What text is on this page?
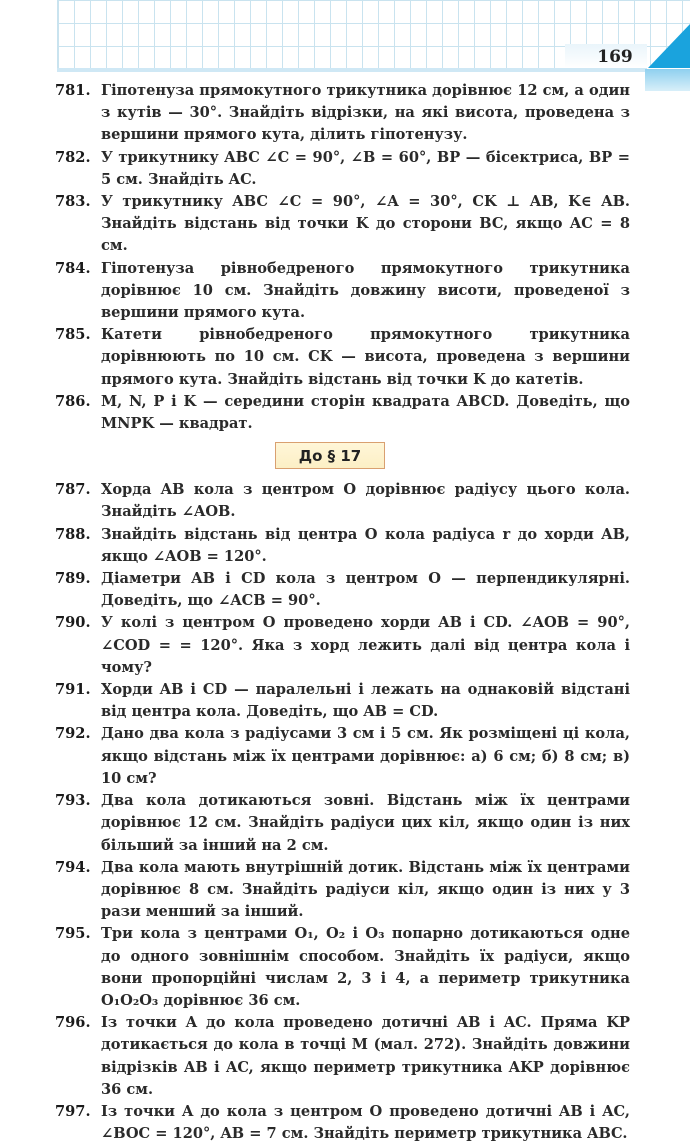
169
781. Гіпотенуза прямокутного трикутника дорівнює 12 см, а один з кутів — 30°. Знайдіть відрізки, на які висота, проведена з вершини прямого кута, ділить гіпотенузу.
782. У трикутнику ABC ∠C = 90°, ∠B = 60°, BP — бісектриса, BP = 5 см. Знайдіть AC.
783. У трикутнику ABC ∠C = 90°, ∠A = 30°, CK ⊥ AB, K∈ AB. Знайдіть відстань від точки K до сторони BC, якщо AC = 8 см.
784. Гіпотенуза рівнобедреного прямокутного трикутника дорівнює 10 см. Знайдіть довжину висоти, проведеної з вершини прямого кута.
785. Катети рівнобедреного прямокутного трикутника дорівнюють по 10 см. CK — висота, проведена з вершини прямого кута. Знайдіть відстань від точки K до катетів.
786. M, N, P і K — середини сторін квадрата ABCD. Доведіть, що MNPK — квадрат.
До § 17
787. Хорда AB кола з центром O дорівнює радіусу цього кола. Знайдіть ∠AOB.
788. Знайдіть відстань від центра O кола радіуса r до хорди AB, якщо ∠AOB = 120°.
789. Діаметри AB і CD кола з центром O — перпендикулярні. Доведіть, що ∠ACB = 90°.
790. У колі з центром O проведено хорди AB і CD. ∠AOB = 90°, ∠COD = = 120°. Яка з хорд лежить далі від центра кола і чому?
791. Хорди AB і CD — паралельні і лежать на однаковій відстані від центра кола. Доведіть, що AB = CD.
792. Дано два кола з радіусами 3 см і 5 см. Як розміщені ці кола, якщо відстань між їх центрами дорівнює: а) 6 см; б) 8 см; в) 10 см?
793. Два кола дотикаються зовні. Відстань між їх центрами дорівнює 12 см. Знайдіть радіуси цих кіл, якщо один із них більший за інший на 2 см.
794. Два кола мають внутрішній дотик. Відстань між їх центрами дорівнює 8 см. Знайдіть радіуси кіл, якщо один із них у 3 рази менший за інший.
795. Три кола з центрами O₁, O₂ і O₃ попарно дотикаються одне до одного зовнішнім способом. Знайдіть їх радіуси, якщо вони пропорційні числам 2, 3 і 4, а периметр трикутника O₁O₂O₃ дорівнює 36 см.
796. Із точки A до кола проведено дотичні AB і AC. Пряма KP дотикається до кола в точці M (мал. 272). Знайдіть довжини відрізків AB і AC, якщо периметр трикутника AKP дорівнює 36 см.
797. Із точки A до кола з центром O проведено дотичні AB і AC, ∠BOC = 120°, AB = 7 см. Знайдіть периметр трикутника ABC.
